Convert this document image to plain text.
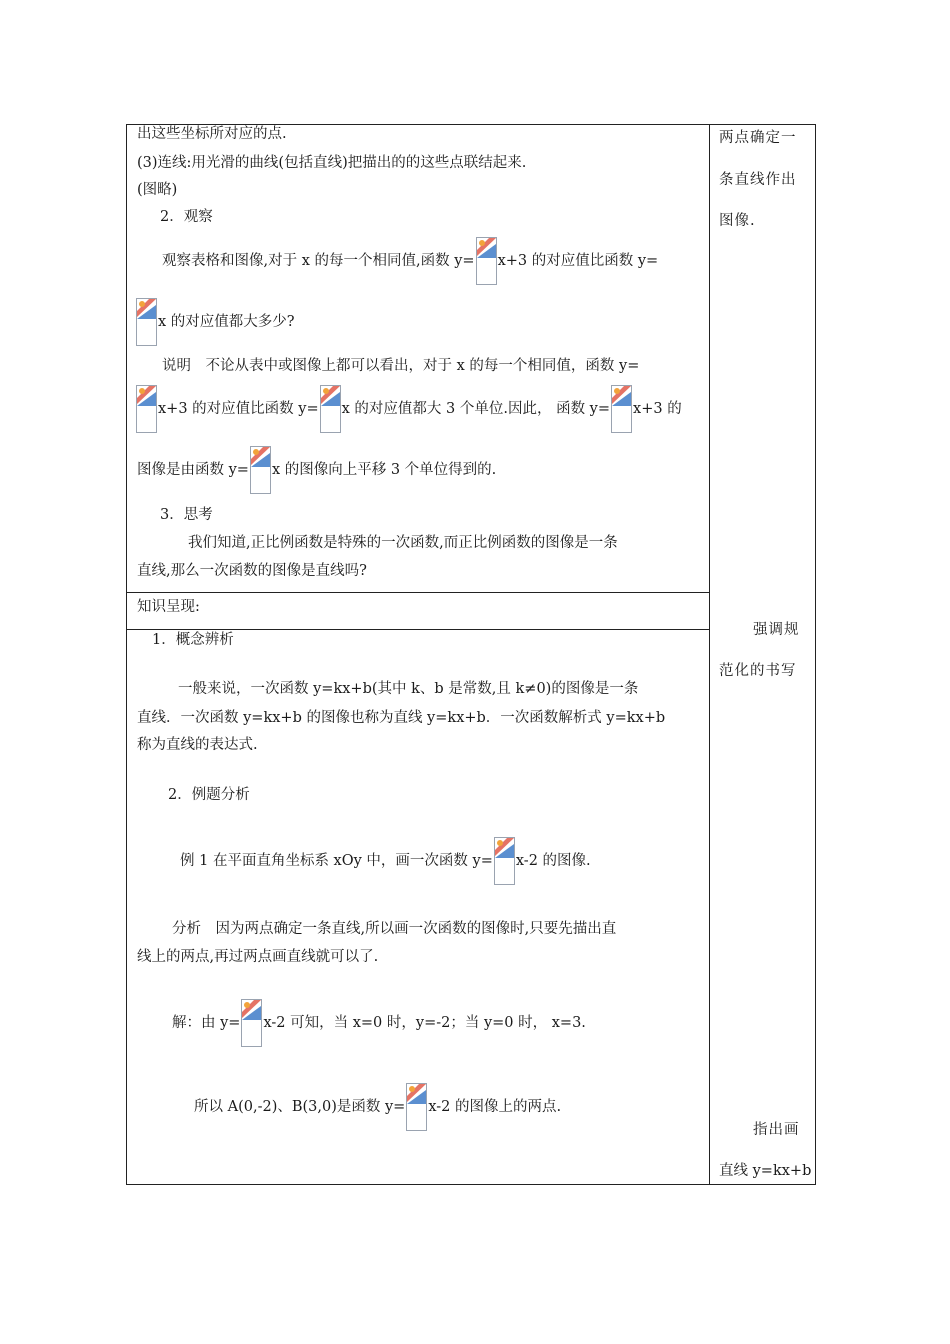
出这些坐标所对应的点.
(3)连线:用光滑的曲线(包括直线)把描出的的这些点联结起来.
(图略)
2．观察
观察表格和图像,对于 x 的每一个相同值,函数 y= x+3 的对应值比函数 y=
x 的对应值都大多少?
说明　不论从表中或图像上都可以看出，对于 x 的每一个相同值，函数 y=
x+3 的对应值比函数 y= x 的对应值都大 3 个单位.因此， 函数 y= x+3 的
图像是由函数 y= x 的图像向上平移 3 个单位得到的.
3．思考
我们知道,正比例函数是特殊的一次函数,而正比例函数的图像是一条
直线,那么一次函数的图像是直线吗?
知识呈现:
1．概念辨析
一般来说，一次函数 y=kx+b(其中 k、b 是常数,且 k≠0)的图像是一条
直线．一次函数 y=kx+b 的图像也称为直线 y=kx+b．一次函数解析式 y=kx+b
称为直线的表达式.
2．例题分析
例 1 在平面直角坐标系 xOy 中，画一次函数 y= x-2 的图像.
分析　因为两点确定一条直线,所以画一次函数的图像时,只要先描出直
线上的两点,再过两点画直线就可以了.
解：由 y= x-2 可知，当 x=0 时，y=-2；当 y=0 时， x=3.
所以 A(0,-2)、B(3,0)是函数 y= x-2 的图像上的两点.
两点确定一
条直线作出
图像.
强调规
范化的书写
指出画
直线 y=kx+b
